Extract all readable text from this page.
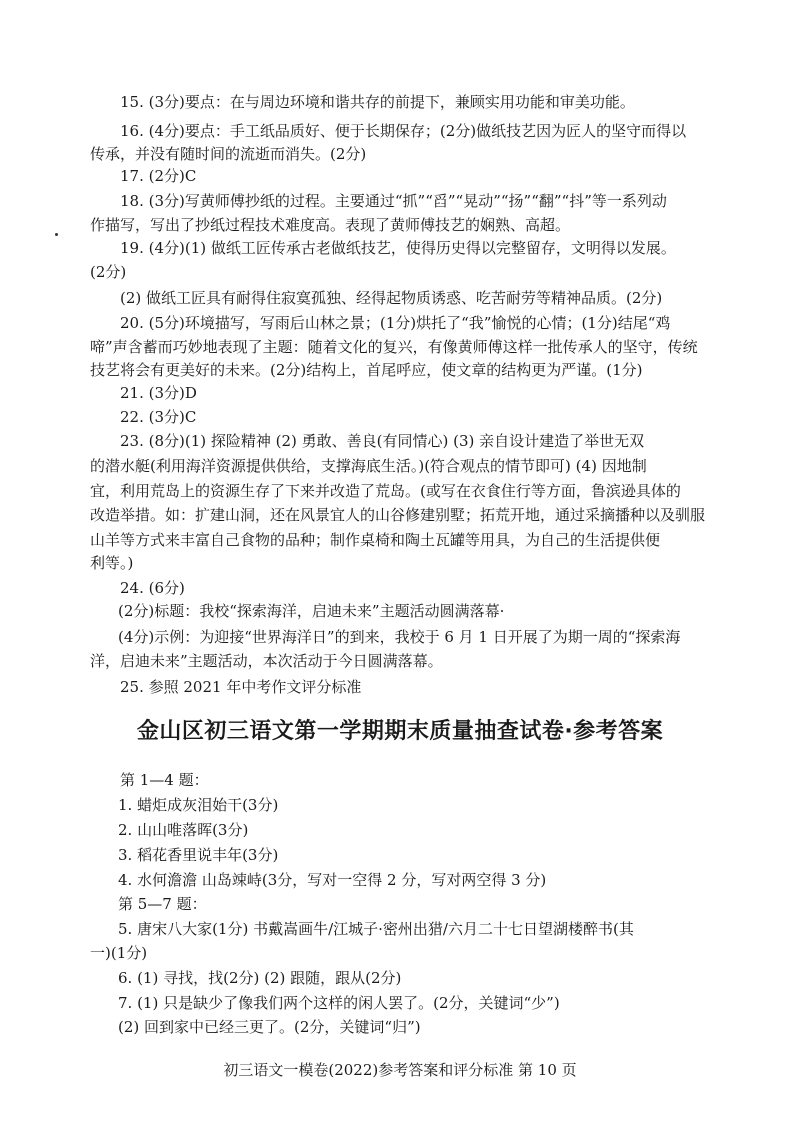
15. (3分)要点：在与周边环境和谐共存的前提下，兼顾实用功能和审美功能。
16. (4分)要点：手工纸品质好、便于长期保存；(2分)做纸技艺因为匠人的坚守而得以
传承，并没有随时间的流逝而消失。(2分)
17. (2分)C
18. (3分)写黄师傅抄纸的过程。主要通过“抓”“舀”“晃动”“扬”“翻”“抖”等一系列动
作描写，写出了抄纸过程技术难度高。表现了黄师傅技艺的娴熟、高超。
19. (4分)(1) 做纸工匠传承古老做纸技艺，使得历史得以完整留存，文明得以发展。
(2分)
(2) 做纸工匠具有耐得住寂寞孤独、经得起物质诱惑、吃苦耐劳等精神品质。(2分)
20. (5分)环境描写，写雨后山林之景；(1分)烘托了“我”愉悦的心情；(1分)结尾“鸡
啼”声含蓄而巧妙地表现了主题：随着文化的复兴，有像黄师傅这样一批传承人的坚守，传统
技艺将会有更美好的未来。(2分)结构上，首尾呼应，使文章的结构更为严谨。(1分)
21. (3分)D
22. (3分)C
23. (8分)(1) 探险精神 (2) 勇敢、善良(有同情心) (3) 亲自设计建造了举世无双
的潜水艇(利用海洋资源提供供给，支撑海底生活。)(符合观点的情节即可) (4) 因地制
宜，利用荒岛上的资源生存了下来并改造了荒岛。(或写在衣食住行等方面，鲁滨逊具体的
改造举措。如：扩建山洞，还在风景宜人的山谷修建别墅；拓荒开地，通过采摘播种以及驯服
山羊等方式来丰富自己食物的品种；制作桌椅和陶土瓦罐等用具，为自己的生活提供便
利等。)
24. (6分)
(2分)标题：我校“探索海洋，启迪未来”主题活动圆满落幕·
(4分)示例：为迎接“世界海洋日”的到来，我校于 6 月 1 日开展了为期一周的“探索海
洋，启迪未来”主题活动，本次活动于今日圆满落幕。
25. 参照 2021 年中考作文评分标准
金山区初三语文第一学期期末质量抽查试卷·参考答案
第 1—4 题：
1. 蜡炬成灰泪始干(3分)
2. 山山唯落晖(3分)
3. 稻花香里说丰年(3分)
4. 水何澹澹 山岛竦峙(3分，写对一空得 2 分，写对两空得 3 分)
第 5—7 题：
5. 唐宋八大家(1分) 书戴嵩画牛/江城子·密州出猎/六月二十七日望湖楼醉书(其
一)(1分)
6. (1) 寻找，找(2分) (2) 跟随，跟从(2分)
7. (1) 只是缺少了像我们两个这样的闲人罢了。(2分，关键词“少”)
(2) 回到家中已经三更了。(2分，关键词“归”)
初三语文一模卷(2022)参考答案和评分标准 第 10 页
